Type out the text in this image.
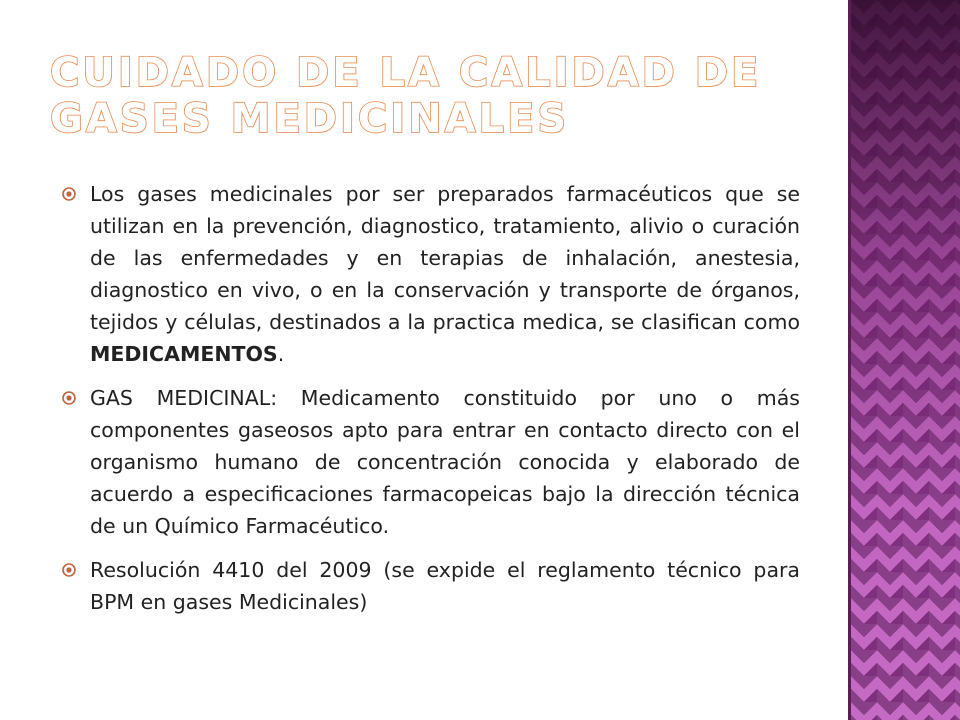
CUIDADO DE LA CALIDAD DE GASES MEDICINALES
Los gases medicinales por ser preparados farmacéuticos que se utilizan en la prevención, diagnostico, tratamiento, alivio o curación de las enfermedades y en terapias de inhalación, anestesia, diagnostico en vivo, o en la conservación y transporte de órganos, tejidos y células, destinados a la practica medica, se clasifican como MEDICAMENTOS.
GAS MEDICINAL: Medicamento constituido por uno o más componentes gaseosos apto para entrar en contacto directo con el organismo humano de concentración conocida y elaborado de acuerdo a especificaciones farmacopeicas bajo la dirección técnica de un Químico Farmacéutico.
Resolución 4410 del 2009 (se expide el reglamento técnico para BPM en gases Medicinales)
